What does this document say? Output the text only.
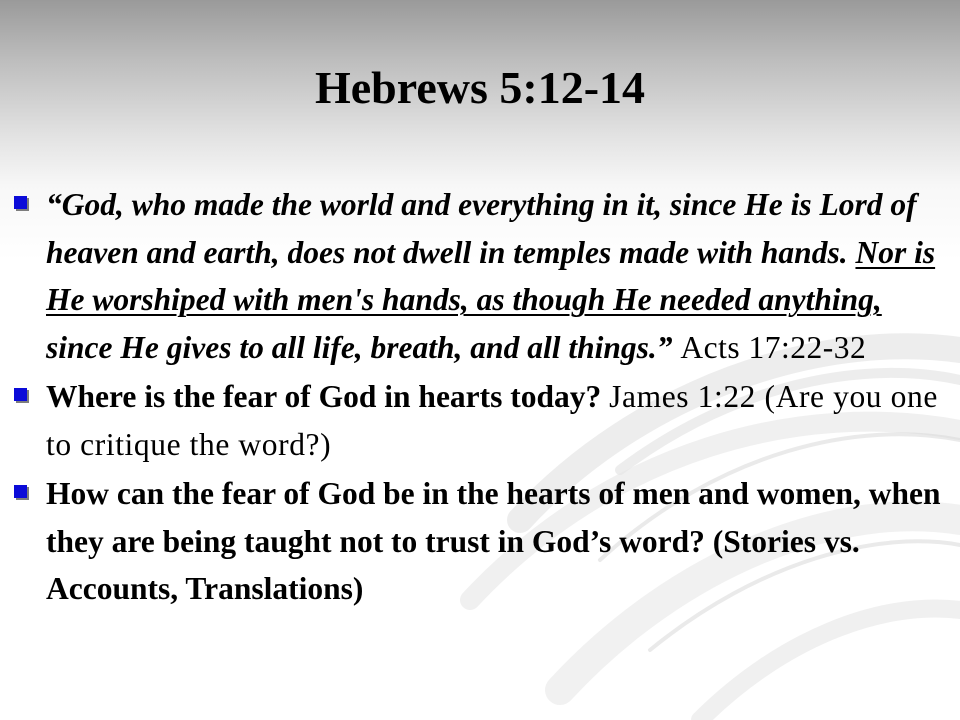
Hebrews 5:12-14
“God, who made the world and everything in it, since He is Lord of heaven and earth, does not dwell in temples made with hands. Nor is He worshiped with men's hands, as though He needed anything, since He gives to all life, breath, and all things.” Acts 17:22-32
Where is the fear of God in hearts today? James 1:22 (Are you one to critique the word?)
How can the fear of God be in the hearts of men and women, when they are being taught not to trust in God’s word? (Stories vs. Accounts, Translations)
